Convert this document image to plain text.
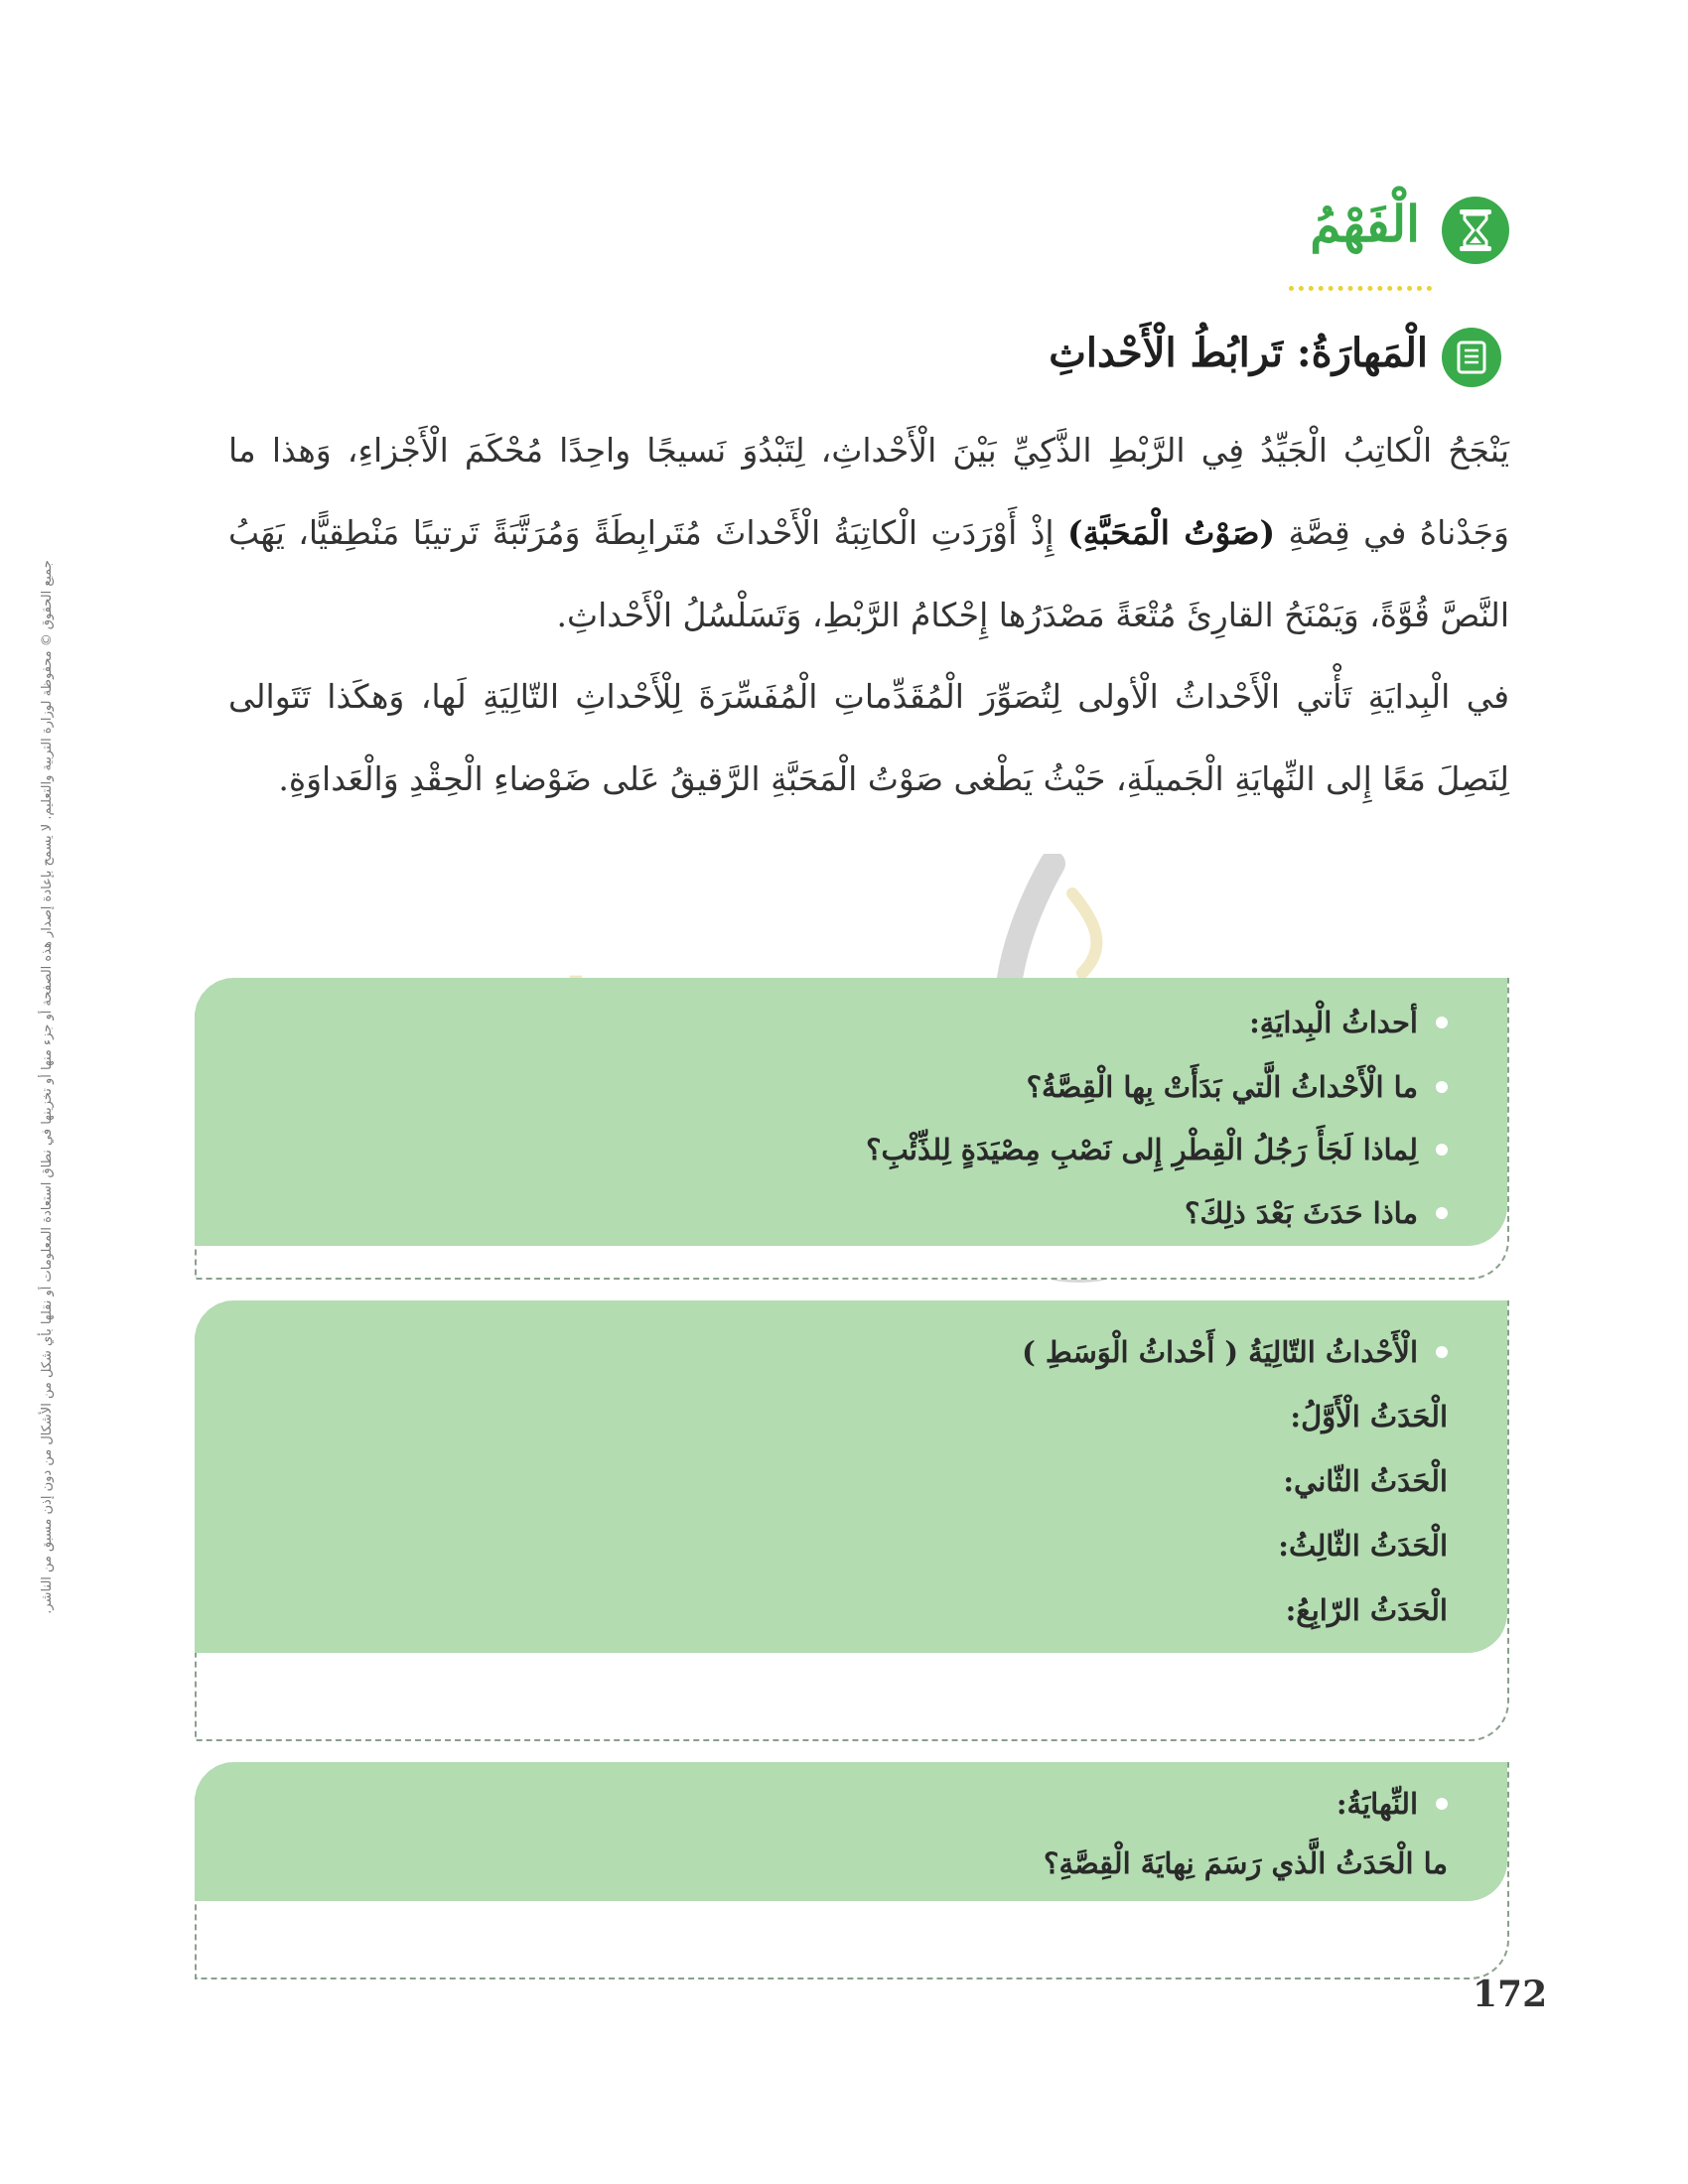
جميع الحقوق © محفوظة لوزارة التربية والتعليم. لا يسمح بإعادة إصدار هذه الصفحة أو جزء منها أو تخزينها في نطاق استعادة المعلومات أو نقلها بأي شكل من الأشكال من دون إذن مسبق من الناشر.
الْفَهْمُ
الْمَهارَةُ: تَرابُطُ الْأَحْداثِ
يَنْجَحُ الْكاتِبُ الْجَيِّدُ فِي الرَّبْطِ الذَّكِيِّ بَيْنَ الْأَحْداثِ، لِتَبْدُوَ نَسيجًا واحِدًا مُحْكَمَ الْأَجْزاءِ، وَهذا ما وَجَدْناهُ في قِصَّةِ (صَوْتُ الْمَحَبَّةِ) إِذْ أَوْرَدَتِ الْكاتِبَةُ الْأَحْداثَ مُتَرابِطَةً وَمُرَتَّبَةً تَرتيبًا مَنْطِقيًّا، يَهَبُ النَّصَّ قُوَّةً، وَيَمْنَحُ القارِئَ مُتْعَةً مَصْدَرُها إِحْكامُ الرَّبْطِ، وَتَسَلْسُلُ الْأَحْداثِ.
في الْبِدايَةِ تَأْتي الْأَحْداثُ الْأولى لِتُصَوِّرَ الْمُقَدِّماتِ الْمُفَسِّرَةَ لِلْأَحْداثِ التّالِيَةِ لَها، وَهكَذا تَتَوالى لِنَصِلَ مَعًا إِلى النِّهايَةِ الْجَميلَةِ، حَيْثُ يَطْغى صَوْتُ الْمَحَبَّةِ الرَّقيقُ عَلى ضَوْضاءِ الْحِقْدِ وَالْعَداوَةِ.
أحداثُ الْبِدايَةِ:
ما الْأَحْداثُ الَّتي بَدَأَتْ بِها الْقِصَّةُ؟
لِماذا لَجَأَ رَجُلُ الْقِطْرِ إِلى نَصْبِ مِصْيَدَةٍ لِلذِّئْبِ؟
ماذا حَدَثَ بَعْدَ ذلِكَ؟
الْأَحْداثُ التّالِيَةُ ( أَحْداثُ الْوَسَطِ )
الْحَدَثُ الْأَوَّلُ:
الْحَدَثُ الثّاني:
الْحَدَثُ الثّالِثُ:
الْحَدَثُ الرّابِعُ:
النِّهايَةُ:
ما الْحَدَثُ الَّذي رَسَمَ نِهايَةَ الْقِصَّةِ؟
172
